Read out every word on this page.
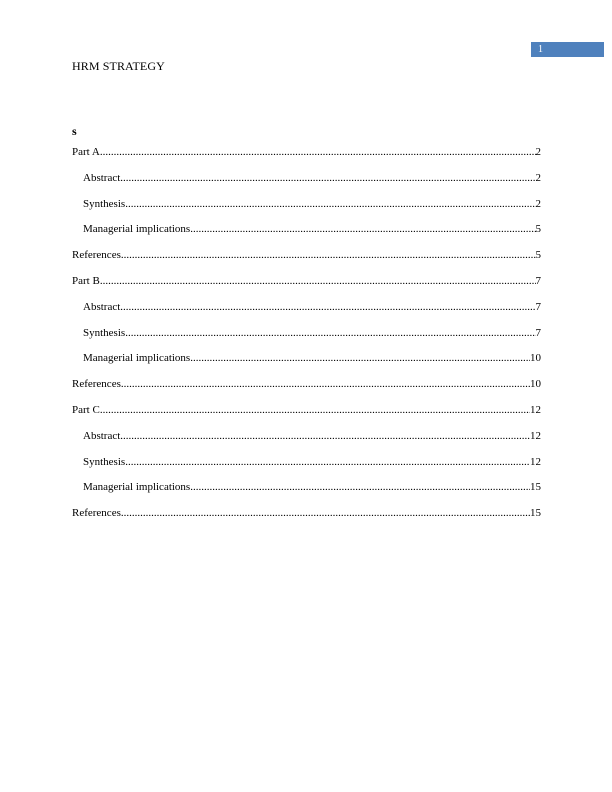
1
HRM STRATEGY
s
Part A .....	2
Abstract .....	2
Synthesis .....	2
Managerial implications .....	5
References .....	5
Part B .....	7
Abstract .....	7
Synthesis .....	7
Managerial implications .....	10
References .....	10
Part C .....	12
Abstract .....	12
Synthesis .....	12
Managerial implications .....	15
References .....	15
